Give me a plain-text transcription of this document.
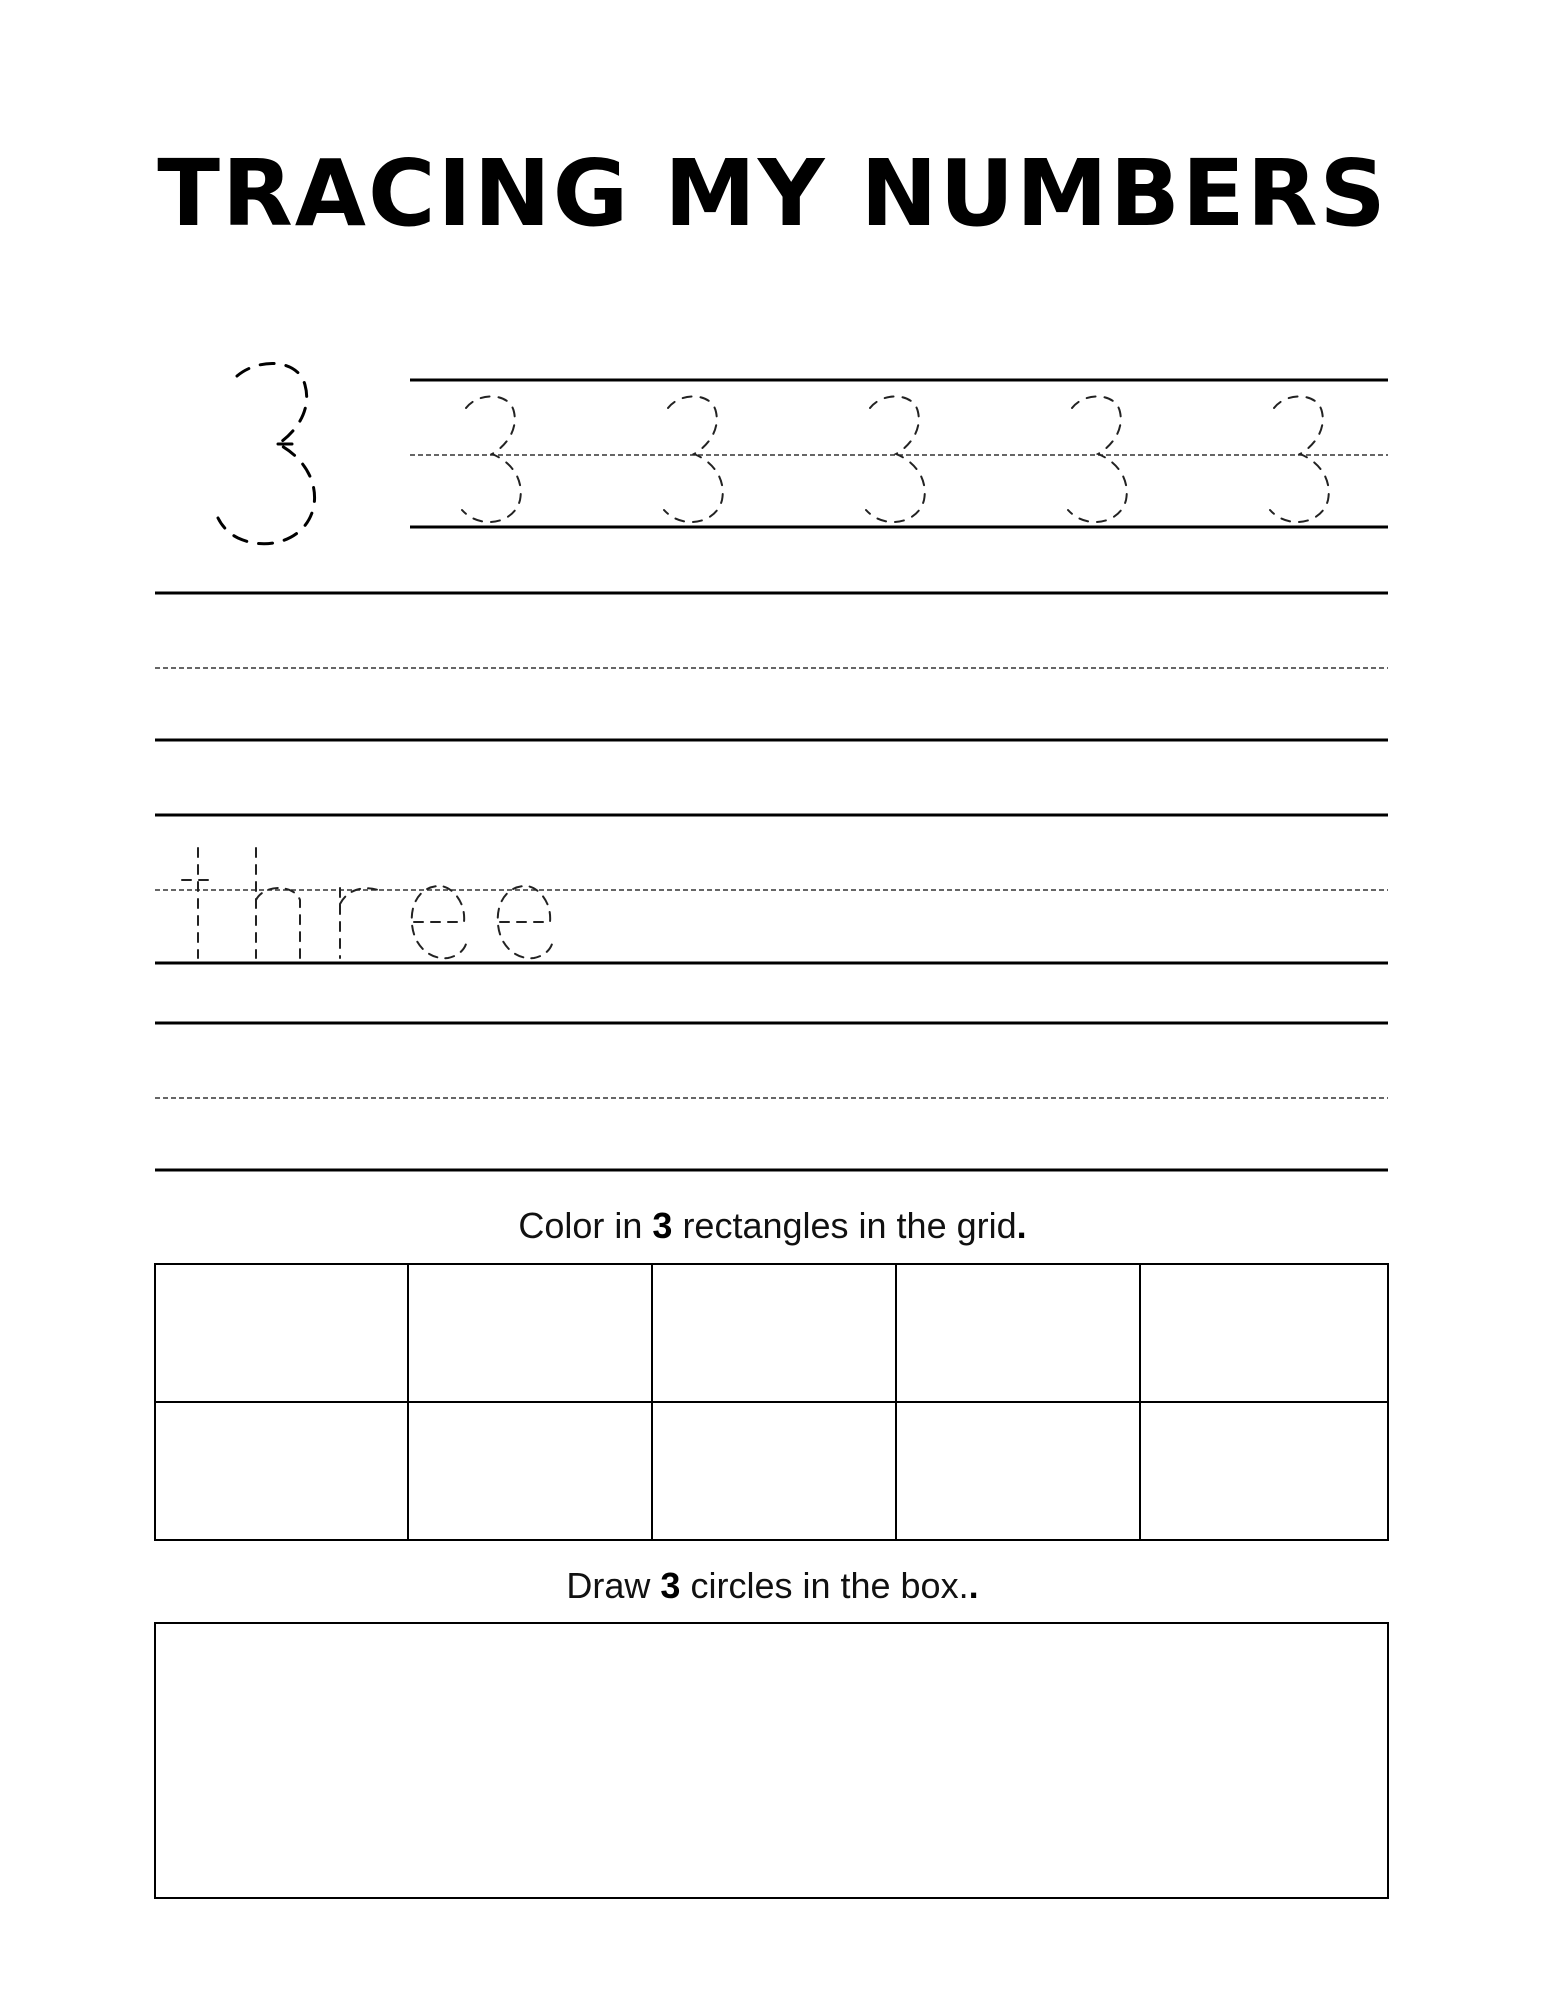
TRACING MY NUMBERS
Color in 3 rectangles in the grid.
Draw 3 circles in the box..
